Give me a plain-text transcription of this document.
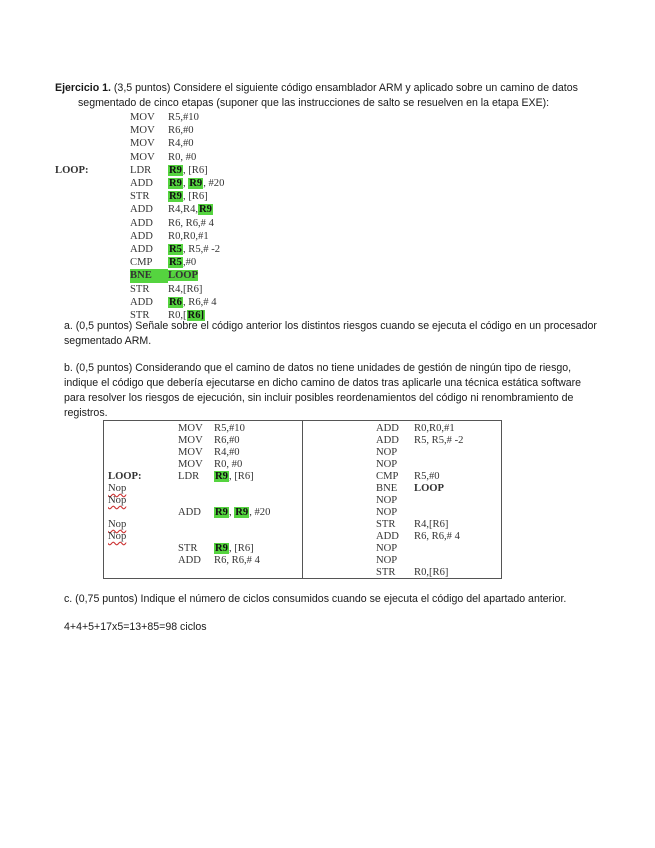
Ejercicio 1. (3,5 puntos) Considere el siguiente código ensamblador ARM y aplicado sobre un camino de datos
segmentado de cinco etapas (suponer que las instrucciones de salto se resuelven en la etapa EXE):
MOV R5,#10
MOV R6,#0
MOV R4,#0
MOV R0, #0
LOOP:	LDR R9, [R6]
ADD R9, R9, #20
STR R9, [R6]
ADD R4,R4,R9
ADD R6, R6,# 4
ADD R0,R0,#1
ADD R5, R5,# -2
CMP R5,#0
BNE	LOOP
STR R4,[R6]
ADD R6, R6,# 4
STR R0,[R6]
a. (0,5 puntos) Señale sobre el código anterior los distintos riesgos cuando se ejecuta el código en un procesador
segmentado ARM.
b. (0,5 puntos) Considerando que el camino de datos no tiene unidades de gestión de ningún tipo de riesgo,
indique el código que debería ejecutarse en dicho camino de datos tras aplicarle una técnica estática software
para resolver los riesgos de ejecución, sin incluir posibles reordenamientos del código ni renombramiento de
registros.
MOV R5,#10
MOV R6,#0
MOV R4,#0
MOV R0, #0
LOOP:	LDR R9, [R6]
Nop
Nop
ADD R9, R9, #20
Nop
Nop
STR R9, [R6]
ADD R6, R6,# 4
ADD R0,R0,#1
ADD R5, R5,# -2
NOP
NOP
CMP R5,#0
BNE LOOP
NOP
NOP
STR R4,[R6]
ADD R6, R6,# 4
NOP
NOP
STR R0,[R6]
c. (0,75 puntos) Indique el número de ciclos consumidos cuando se ejecuta el código del apartado anterior.
4+4+5+17x5=13+85=98 ciclos
